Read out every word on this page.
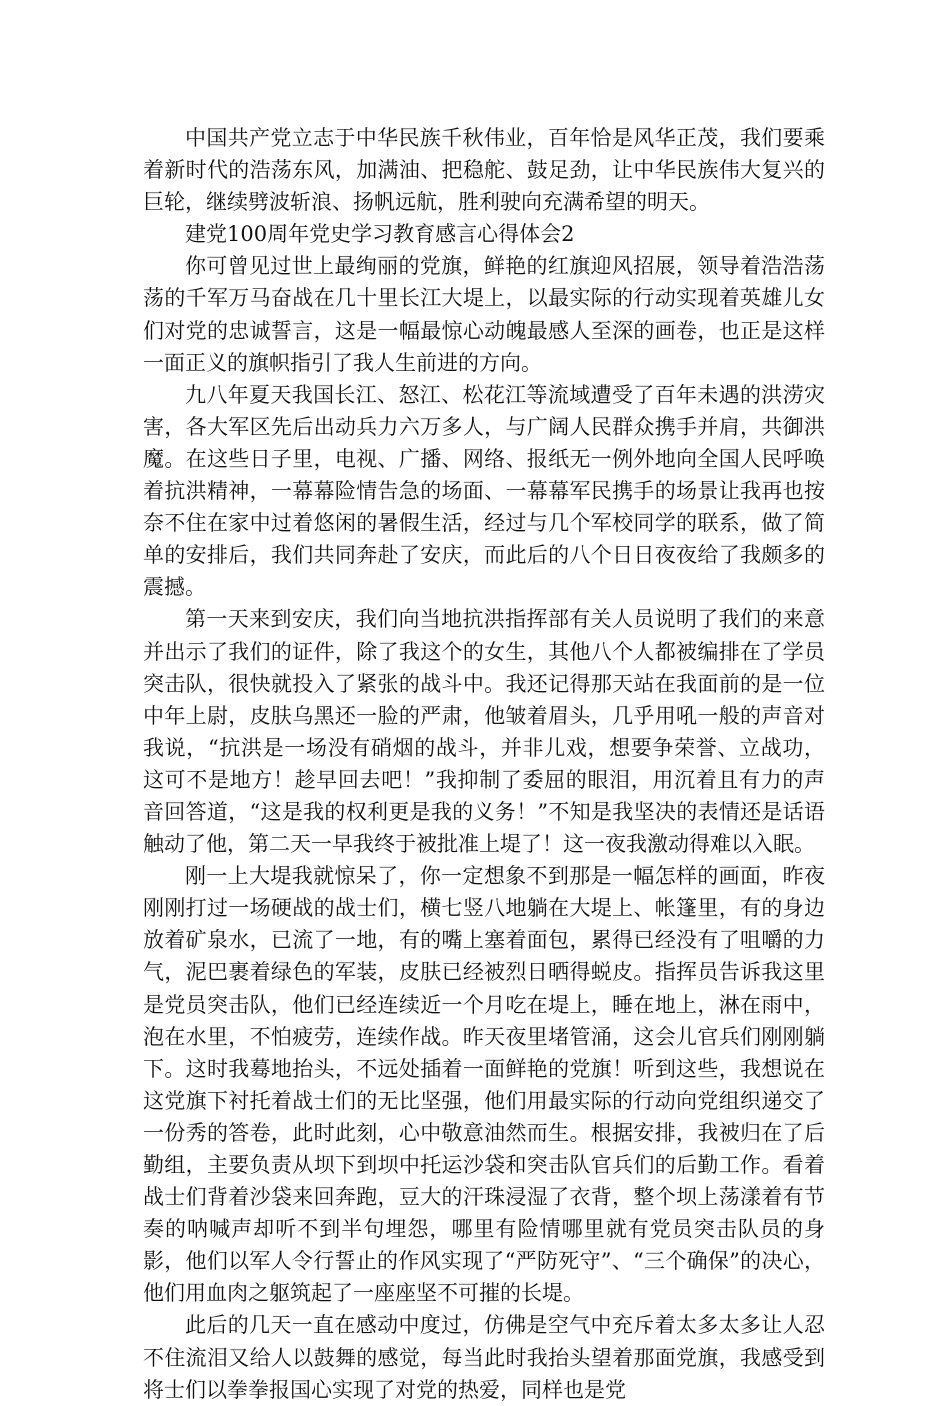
中国共产党立志于中华民族千秋伟业，百年恰是风华正茂，我们要乘着新时代的浩荡东风，加满油、把稳舵、鼓足劲，让中华民族伟大复兴的巨轮，继续劈波斩浪、扬帆远航，胜利驶向充满希望的明天。

建党100周年党史学习教育感言心得体会2

你可曾见过世上最绚丽的党旗，鲜艳的红旗迎风招展，领导着浩浩荡荡的千军万马奋战在几十里长江大堤上，以最实际的行动实现着英雄儿女们对党的忠诚誓言，这是一幅最惊心动魄最感人至深的画卷，也正是这样一面正义的旗帜指引了我人生前进的方向。

九八年夏天我国长江、怒江、松花江等流域遭受了百年未遇的洪涝灾害，各大军区先后出动兵力六万多人，与广阔人民群众携手并肩，共御洪魔。在这些日子里，电视、广播、网络、报纸无一例外地向全国人民呼唤着抗洪精神，一幕幕险情告急的场面、一幕幕军民携手的场景让我再也按奈不住在家中过着悠闲的暑假生活，经过与几个军校同学的联系，做了简单的安排后，我们共同奔赴了安庆，而此后的八个日日夜夜给了我颇多的震撼。

第一天来到安庆，我们向当地抗洪指挥部有关人员说明了我们的来意并出示了我们的证件，除了我这个的女生，其他八个人都被编排在了学员突击队，很快就投入了紧张的战斗中。我还记得那天站在我面前的是一位中年上尉，皮肤乌黑还一脸的严肃，他皱着眉头，几乎用吼一般的声音对我说，“抗洪是一场没有硝烟的战斗，并非儿戏，想要争荣誉、立战功，这可不是地方！趁早回去吧！”我抑制了委屈的眼泪，用沉着且有力的声音回答道，“这是我的权利更是我的义务！”不知是我坚决的表情还是话语触动了他，第二天一早我终于被批准上堤了！这一夜我激动得难以入眠。

刚一上大堤我就惊呆了，你一定想象不到那是一幅怎样的画面，昨夜刚刚打过一场硬战的战士们，横七竖八地躺在大堤上、帐篷里，有的身边放着矿泉水，已流了一地，有的嘴上塞着面包，累得已经没有了咀嚼的力气，泥巴裹着绿色的军装，皮肤已经被烈日晒得蜕皮。指挥员告诉我这里是党员突击队，他们已经连续近一个月吃在堤上，睡在地上，淋在雨中，泡在水里，不怕疲劳，连续作战。昨天夜里堵管涌，这会儿官兵们刚刚躺下。这时我蓦地抬头，不远处插着一面鲜艳的党旗！听到这些，我想说在这党旗下衬托着战士们的无比坚强，他们用最实际的行动向党组织递交了一份秀的答卷，此时此刻，心中敬意油然而生。根据安排，我被归在了后勤组，主要负责从坝下到坝中托运沙袋和突击队官兵们的后勤工作。看着战士们背着沙袋来回奔跑，豆大的汗珠浸湿了衣背，整个坝上荡漾着有节奏的呐喊声却听不到半句埋怨，哪里有险情哪里就有党员突击队员的身影，他们以军人令行誓止的作风实现了“严防死守”、“三个确保”的决心，他们用血肉之躯筑起了一座座坚不可摧的长堤。

此后的几天一直在感动中度过，仿佛是空气中充斥着太多太多让人忍不住流泪又给人以鼓舞的感觉，每当此时我抬头望着那面党旗，我感受到将士们以拳拳报国心实现了对党的热爱，同样也是党
